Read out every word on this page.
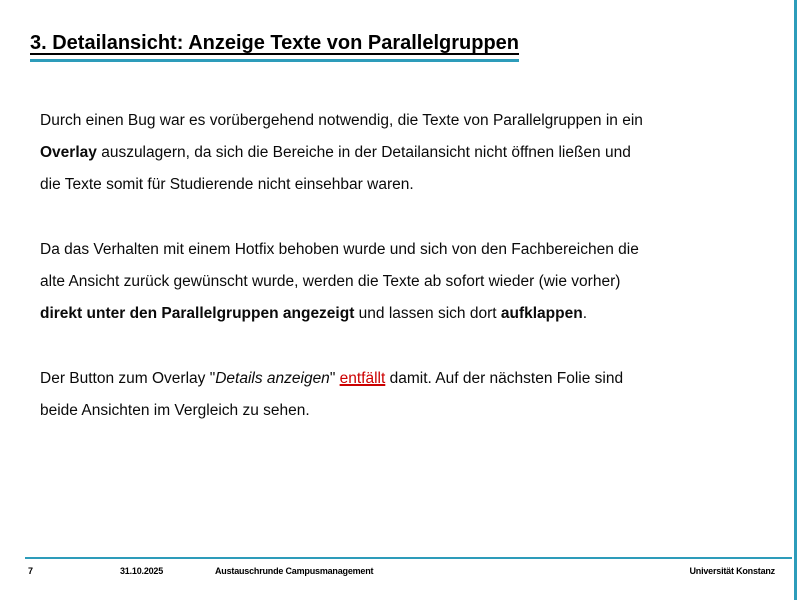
3. Detailansicht: Anzeige Texte von Parallelgruppen
Durch einen Bug war es vorübergehend notwendig, die Texte von Parallelgruppen in ein
Overlay auszulagern, da sich die Bereiche in der Detailansicht nicht öffnen ließen und
die Texte somit für Studierende nicht einsehbar waren.
Da das Verhalten mit einem Hotfix behoben wurde und sich von den Fachbereichen die
alte Ansicht zurück gewünscht wurde, werden die Texte ab sofort wieder (wie vorher)
direkt unter den Parallelgruppen angezeigt und lassen sich dort aufklappen.
Der Button zum Overlay "Details anzeigen" entfällt damit. Auf der nächsten Folie sind
beide Ansichten im Vergleich zu sehen.
7	31.10.2025	Austauschrunde Campusmanagement	Universität Konstanz
